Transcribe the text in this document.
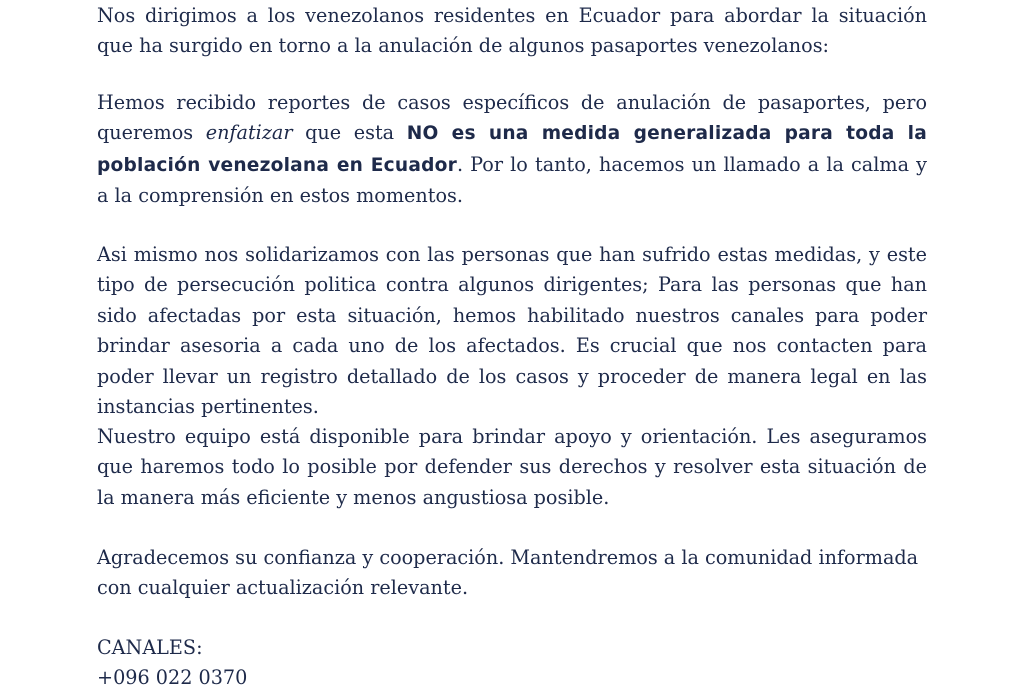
Nos dirigimos a los venezolanos residentes en Ecuador para abordar la situación que ha surgido en torno a la anulación de algunos pasaportes venezolanos:

Hemos recibido reportes de casos específicos de anulación de pasaportes, pero queremos enfatizar que esta NO es una medida generalizada para toda la población venezolana en Ecuador. Por lo tanto, hacemos un llamado a la calma y a la comprensión en estos momentos.

Asi mismo nos solidarizamos con las personas que han sufrido estas medidas, y este tipo de persecución politica contra algunos dirigentes; Para las personas que han sido afectadas por esta situación, hemos habilitado nuestros canales para poder brindar asesoria a cada uno de los afectados. Es crucial que nos contacten para poder llevar un registro detallado de los casos y proceder de manera legal en las instancias pertinentes.

Nuestro equipo está disponible para brindar apoyo y orientación. Les aseguramos que haremos todo lo posible por defender sus derechos y resolver esta situación de la manera más eficiente y menos angustiosa posible.

Agradecemos su confianza y cooperación. Mantendremos a la comunidad informada con cualquier actualización relevante.

CANALES:
+096 022 0370
